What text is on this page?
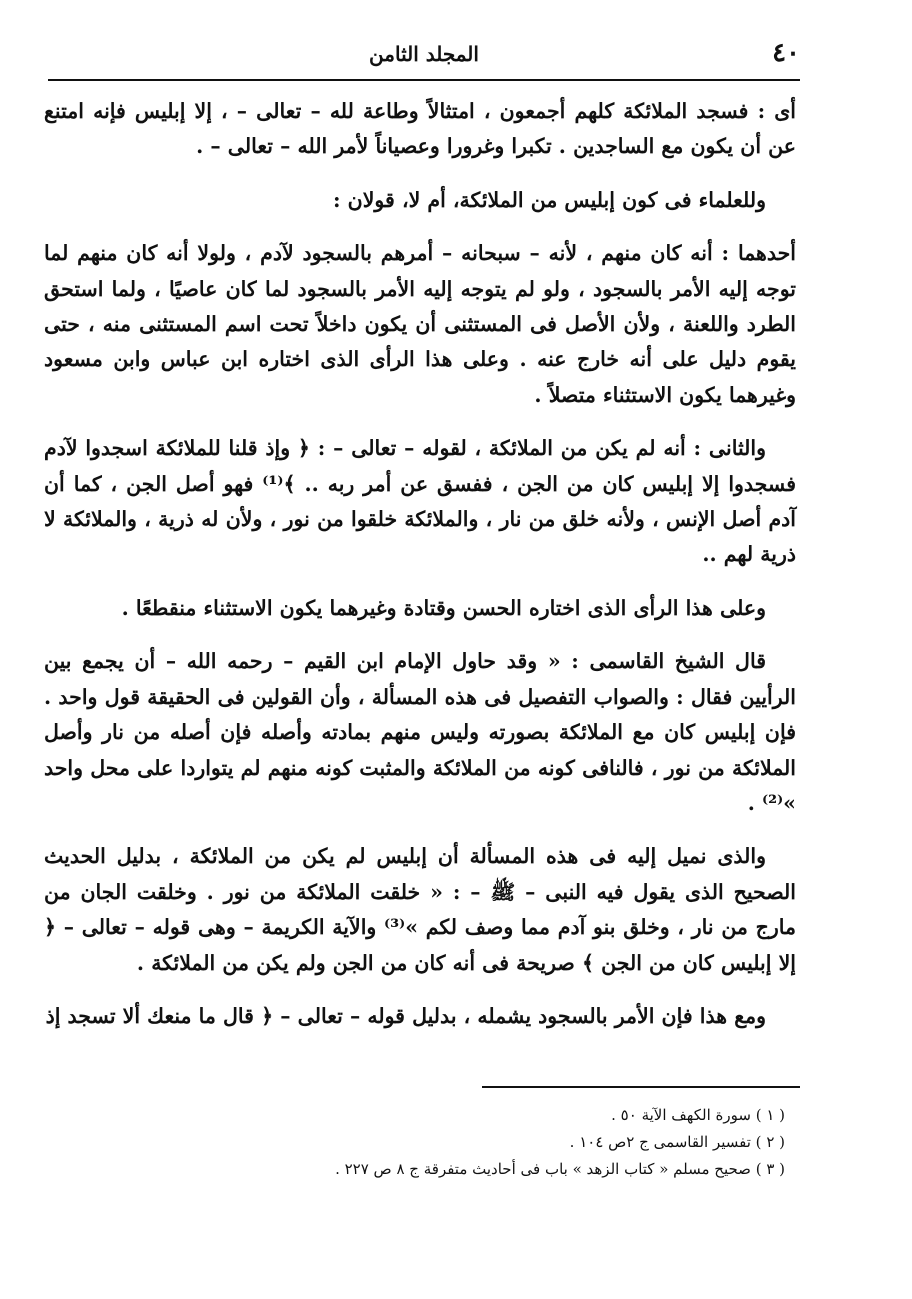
٤٠
المجلد الثامن

أى : فسجد الملائكة كلهم أجمعون ، امتثالاً وطاعة لله – تعالى – ، إلا إبليس فإنه امتنع عن أن يكون مع الساجدين . تكبرا وغرورا وعصياناً لأمر الله – تعالى – .

وللعلماء فى كون إبليس من الملائكة، أم لا، قولان :

أحدهما : أنه كان منهم ، لأنه – سبحانه – أمرهم بالسجود لآدم ، ولولا أنه كان منهم لما توجه إليه الأمر بالسجود ، ولو لم يتوجه إليه الأمر بالسجود لما كان عاصيًا ، ولما استحق الطرد واللعنة ، ولأن الأصل فى المستثنى أن يكون داخلاً تحت اسم المستثنى منه ، حتى يقوم دليل على أنه خارج عنه . وعلى هذا الرأى الذى اختاره ابن عباس وابن مسعود وغيرهما يكون الاستثناء متصلاً .

والثانى : أنه لم يكن من الملائكة ، لقوله – تعالى – : ﴿ وإذ قلنا للملائكة اسجدوا لآدم فسجدوا إلا إبليس كان من الجن ، ففسق عن أمر ربه .. ﴾⁽¹⁾ فهو أصل الجن ، كما أن آدم أصل الإنس ، ولأنه خلق من نار ، والملائكة خلقوا من نور ، ولأن له ذرية ، والملائكة لا ذرية لهم ..

وعلى هذا الرأى الذى اختاره الحسن وقتادة وغيرهما يكون الاستثناء منقطعًا .

قال الشيخ القاسمى : « وقد حاول الإمام ابن القيم – رحمه الله – أن يجمع بين الرأيين فقال : والصواب التفصيل فى هذه المسألة ، وأن القولين فى الحقيقة قول واحد . فإن إبليس كان مع الملائكة بصورته وليس منهم بمادته وأصله فإن أصله من نار وأصل الملائكة من نور ، فالنافى كونه من الملائكة والمثبت كونه منهم لم يتواردا على محل واحد »⁽²⁾ .

والذى نميل إليه فى هذه المسألة أن إبليس لم يكن من الملائكة ، بدليل الحديث الصحيح الذى يقول فيه النبى – ﷺ – : « خلقت الملائكة من نور . وخلقت الجان من مارج من نار ، وخلق بنو آدم مما وصف لكم »⁽³⁾ والآية الكريمة – وهى قوله – تعالى – ﴿ إلا إبليس كان من الجن ﴾ صريحة فى أنه كان من الجن ولم يكن من الملائكة .

ومع هذا فإن الأمر بالسجود يشمله ، بدليل قوله – تعالى – ﴿ قال ما منعك ألا تسجد إذ

( ١ ) سورة الكهف الآية ٥٠ .

( ٢ ) تفسير القاسمى ج ٢ص ١٠٤ .

( ٣ ) صحيح مسلم « كتاب الزهد » باب فى أحاديث متفرقة ج ٨ ص ٢٢٧ .
